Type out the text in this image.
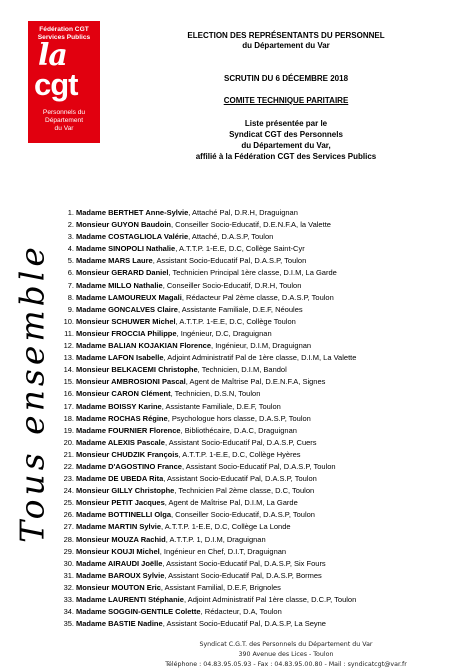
Fédération CGT
Services Publics
la
cgt
Personnels du
Département
du Var
Tous ensemble
ELECTION DES REPRÉSENTANTS DU PERSONNEL
du Département du Var
SCRUTIN DU 6 DÉCEMBRE 2018
COMITE TECHNIQUE PARITAIRE
Liste présentée par le
Syndicat CGT des Personnels
du Département du Var,
affilié à la Fédération CGT des Services Publics
1. Madame BERTHET Anne-Sylvie, Attaché Pal, D.R.H, Draguignan
2. Monsieur GUYON Baudoin, Conseiller Socio-Educatif, D.E.N.F.A, la Valette
3. Madame COSTAGLIOLA Valérie, Attaché, D.A.S.P, Toulon
4. Madame SINOPOLI Nathalie, A.T.T.P. 1-E.E, D.C, Collège Saint-Cyr
5. Madame MARS Laure, Assistant Socio-Educatif Pal, D.A.S.P, Toulon
6. Monsieur GERARD Daniel, Technicien Principal 1ère classe, D.I.M, La Garde
7. Madame MILLO Nathalie, Conseiller Socio-Educatif, D.R.H, Toulon
8. Madame LAMOUREUX Magali, Rédacteur Pal 2ème classe, D.A.S.P, Toulon
9. Madame GONCALVES Claire, Assistante Familiale, D.E.F, Néoules
10. Monsieur SCHUWER Michel, A.T.T.P. 1-E.E, D.C, Collège Toulon
11. Monsieur FROCCIA Philippe, Ingénieur, D.C, Draguignan
12. Madame BALIAN KOJAKIAN Florence, Ingénieur, D.I.M, Draguignan
13. Madame LAFON Isabelle, Adjoint Administratif Pal de 1ère classe, D.I.M, La Valette
14. Monsieur BELKACEMI Christophe, Technicien, D.I.M, Bandol
15. Monsieur AMBROSIONI Pascal, Agent de Maîtrise Pal, D.E.N.F.A, Signes
16. Monsieur CARON Clément, Technicien, D.S.N, Toulon
17. Madame BOISSY Karine, Assistante Familiale, D.E.F, Toulon
18. Madame ROCHAS Régine, Psychologue hors classe, D.A.S.P, Toulon
19. Madame FOURNIER Florence, Bibliothécaire, D.A.C, Draguignan
20. Madame ALEXIS Pascale, Assistant Socio-Educatif Pal, D.A.S.P, Cuers
21. Monsieur CHUDZIK François, A.T.T.P. 1-E.E, D.C, Collège Hyères
22. Madame D'AGOSTINO France, Assistant Socio-Educatif Pal, D.A.S.P, Toulon
23. Madame DE UBEDA Rita, Assistant Socio-Educatif Pal, D.A.S.P, Toulon
24. Monsieur GILLY Christophe, Technicien Pal 2ème classe, D.C, Toulon
25. Monsieur PETIT Jacques, Agent de Maîtrise Pal, D.I.M, La Garde
26. Madame BOTTINELLI Olga, Conseiller Socio-Educatif, D.A.S.P, Toulon
27. Madame MARTIN Sylvie, A.T.T.P. 1-E.E, D.C, Collège La Londe
28. Monsieur MOUZA Rachid, A.T.T.P. 1, D.I.M, Draguignan
29. Monsieur KOUJI Michel, Ingénieur en Chef, D.I.T, Draguignan
30. Madame AIRAUDI Joëlle, Assistant Socio-Educatif Pal, D.A.S.P, Six Fours
31. Madame BAROUX Sylvie, Assistant Socio-Educatif Pal, D.A.S.P, Bormes
32. Monsieur MOUTON Eric, Assistant Familial, D.E.F, Brignoles
33. Madame LAURENTI Stéphanie, Adjoint Administratif Pal 1ère classe, D.C.P, Toulon
34. Madame SOGGIN-GENTILE Colette, Rédacteur, D.A, Toulon
35. Madame BASTIE Nadine, Assistant Socio-Educatif Pal, D.A.S.P, La Seyne
Syndicat C.G.T. des Personnels du Département du Var
390 Avenue des Lices - Toulon
Téléphone : 04.83.95.05.93 - Fax : 04.83.95.00.80 - Mail : syndicatcgt@var.fr
